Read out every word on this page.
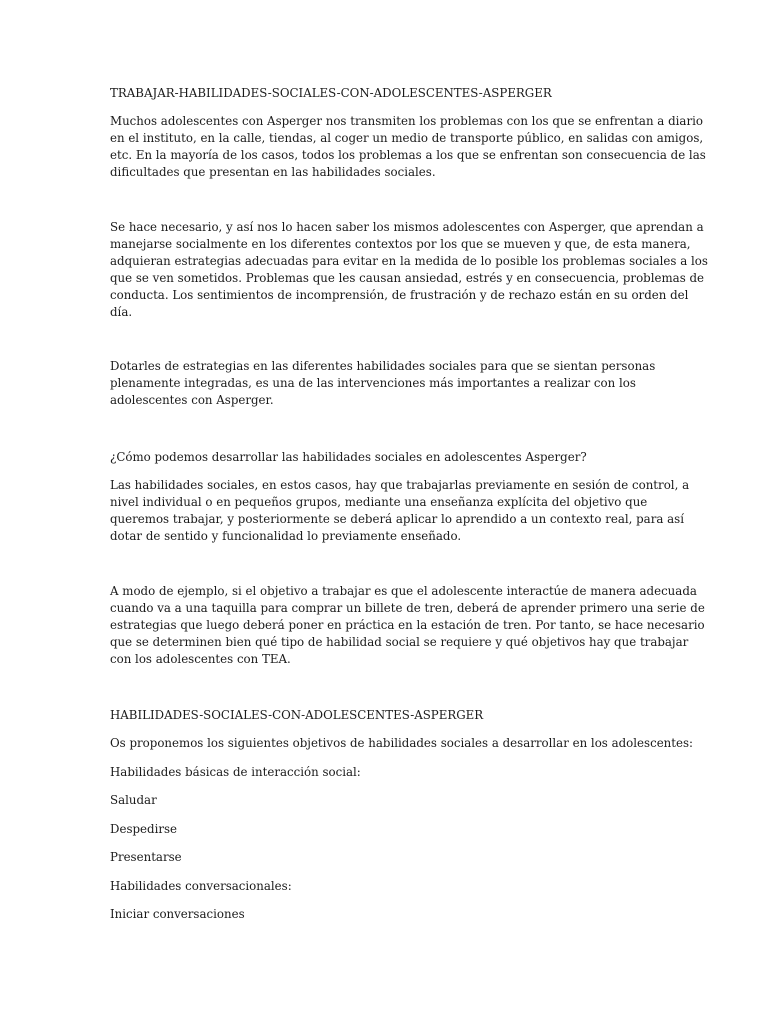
TRABAJAR-HABILIDADES-SOCIALES-CON-ADOLESCENTES-ASPERGER

Muchos adolescentes con Asperger nos transmiten los problemas con los que se enfrentan a diario
en el instituto, en la calle, tiendas, al coger un medio de transporte público, en salidas con amigos,
etc. En la mayoría de los casos, todos los problemas a los que se enfrentan son consecuencia de las
dificultades que presentan en las habilidades sociales.

Se hace necesario, y así nos lo hacen saber los mismos adolescentes con Asperger, que aprendan a
manejarse socialmente en los diferentes contextos por los que se mueven y que, de esta manera,
adquieran estrategias adecuadas para evitar en la medida de lo posible los problemas sociales a los
que se ven sometidos. Problemas que les causan ansiedad, estrés y en consecuencia, problemas de
conducta. Los sentimientos de incomprensión, de frustración y de rechazo están en su orden del
día.

Dotarles de estrategias en las diferentes habilidades sociales para que se sientan personas
plenamente integradas, es una de las intervenciones más importantes a realizar con los
adolescentes con Asperger.

¿Cómo podemos desarrollar las habilidades sociales en adolescentes Asperger?

Las habilidades sociales, en estos casos, hay que trabajarlas previamente en sesión de control, a
nivel individual o en pequeños grupos, mediante una enseñanza explícita del objetivo que
queremos trabajar, y posteriormente se deberá aplicar lo aprendido a un contexto real, para así
dotar de sentido y funcionalidad lo previamente enseñado.

A modo de ejemplo, si el objetivo a trabajar es que el adolescente interactúe de manera adecuada
cuando va a una taquilla para comprar un billete de tren, deberá de aprender primero una serie de
estrategias que luego deberá poner en práctica en la estación de tren. Por tanto, se hace necesario
que se determinen bien qué tipo de habilidad social se requiere y qué objetivos hay que trabajar
con los adolescentes con TEA.

HABILIDADES-SOCIALES-CON-ADOLESCENTES-ASPERGER

Os proponemos los siguientes objetivos de habilidades sociales a desarrollar en los adolescentes:

Habilidades básicas de interacción social:

Saludar

Despedirse

Presentarse

Habilidades conversacionales:

Iniciar conversaciones
